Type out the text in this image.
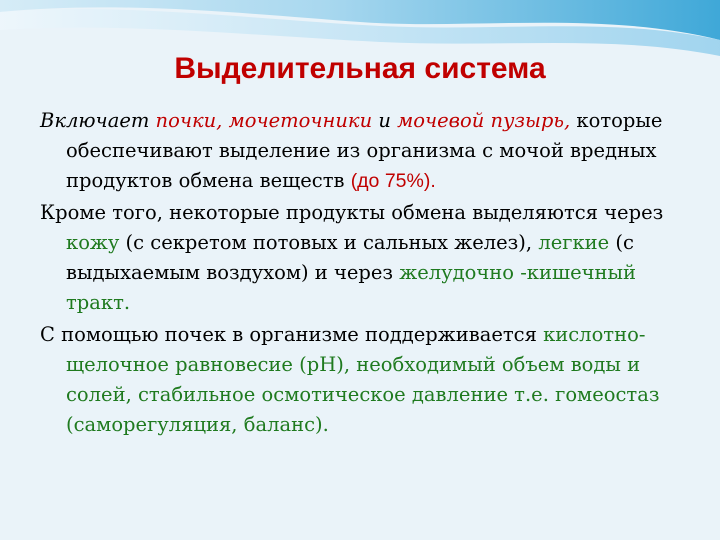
Выделительная система

Включает почки, мочеточники и мочевой пузырь, которые обеспечивают выделение из организма с мочой вредных продуктов обмена веществ (до 75%).

Кроме того, некоторые продукты обмена выделяются через кожу (с секретом потовых и сальных желез), легкие (с выдыхаемым воздухом) и через желудочно -кишечный тракт.

С помощью почек в организме поддерживается кислотно-щелочное равновесие (рН), необходимый объем воды и солей, стабильное осмотическое давление т.е. гомеостаз (саморегуляция, баланс).
